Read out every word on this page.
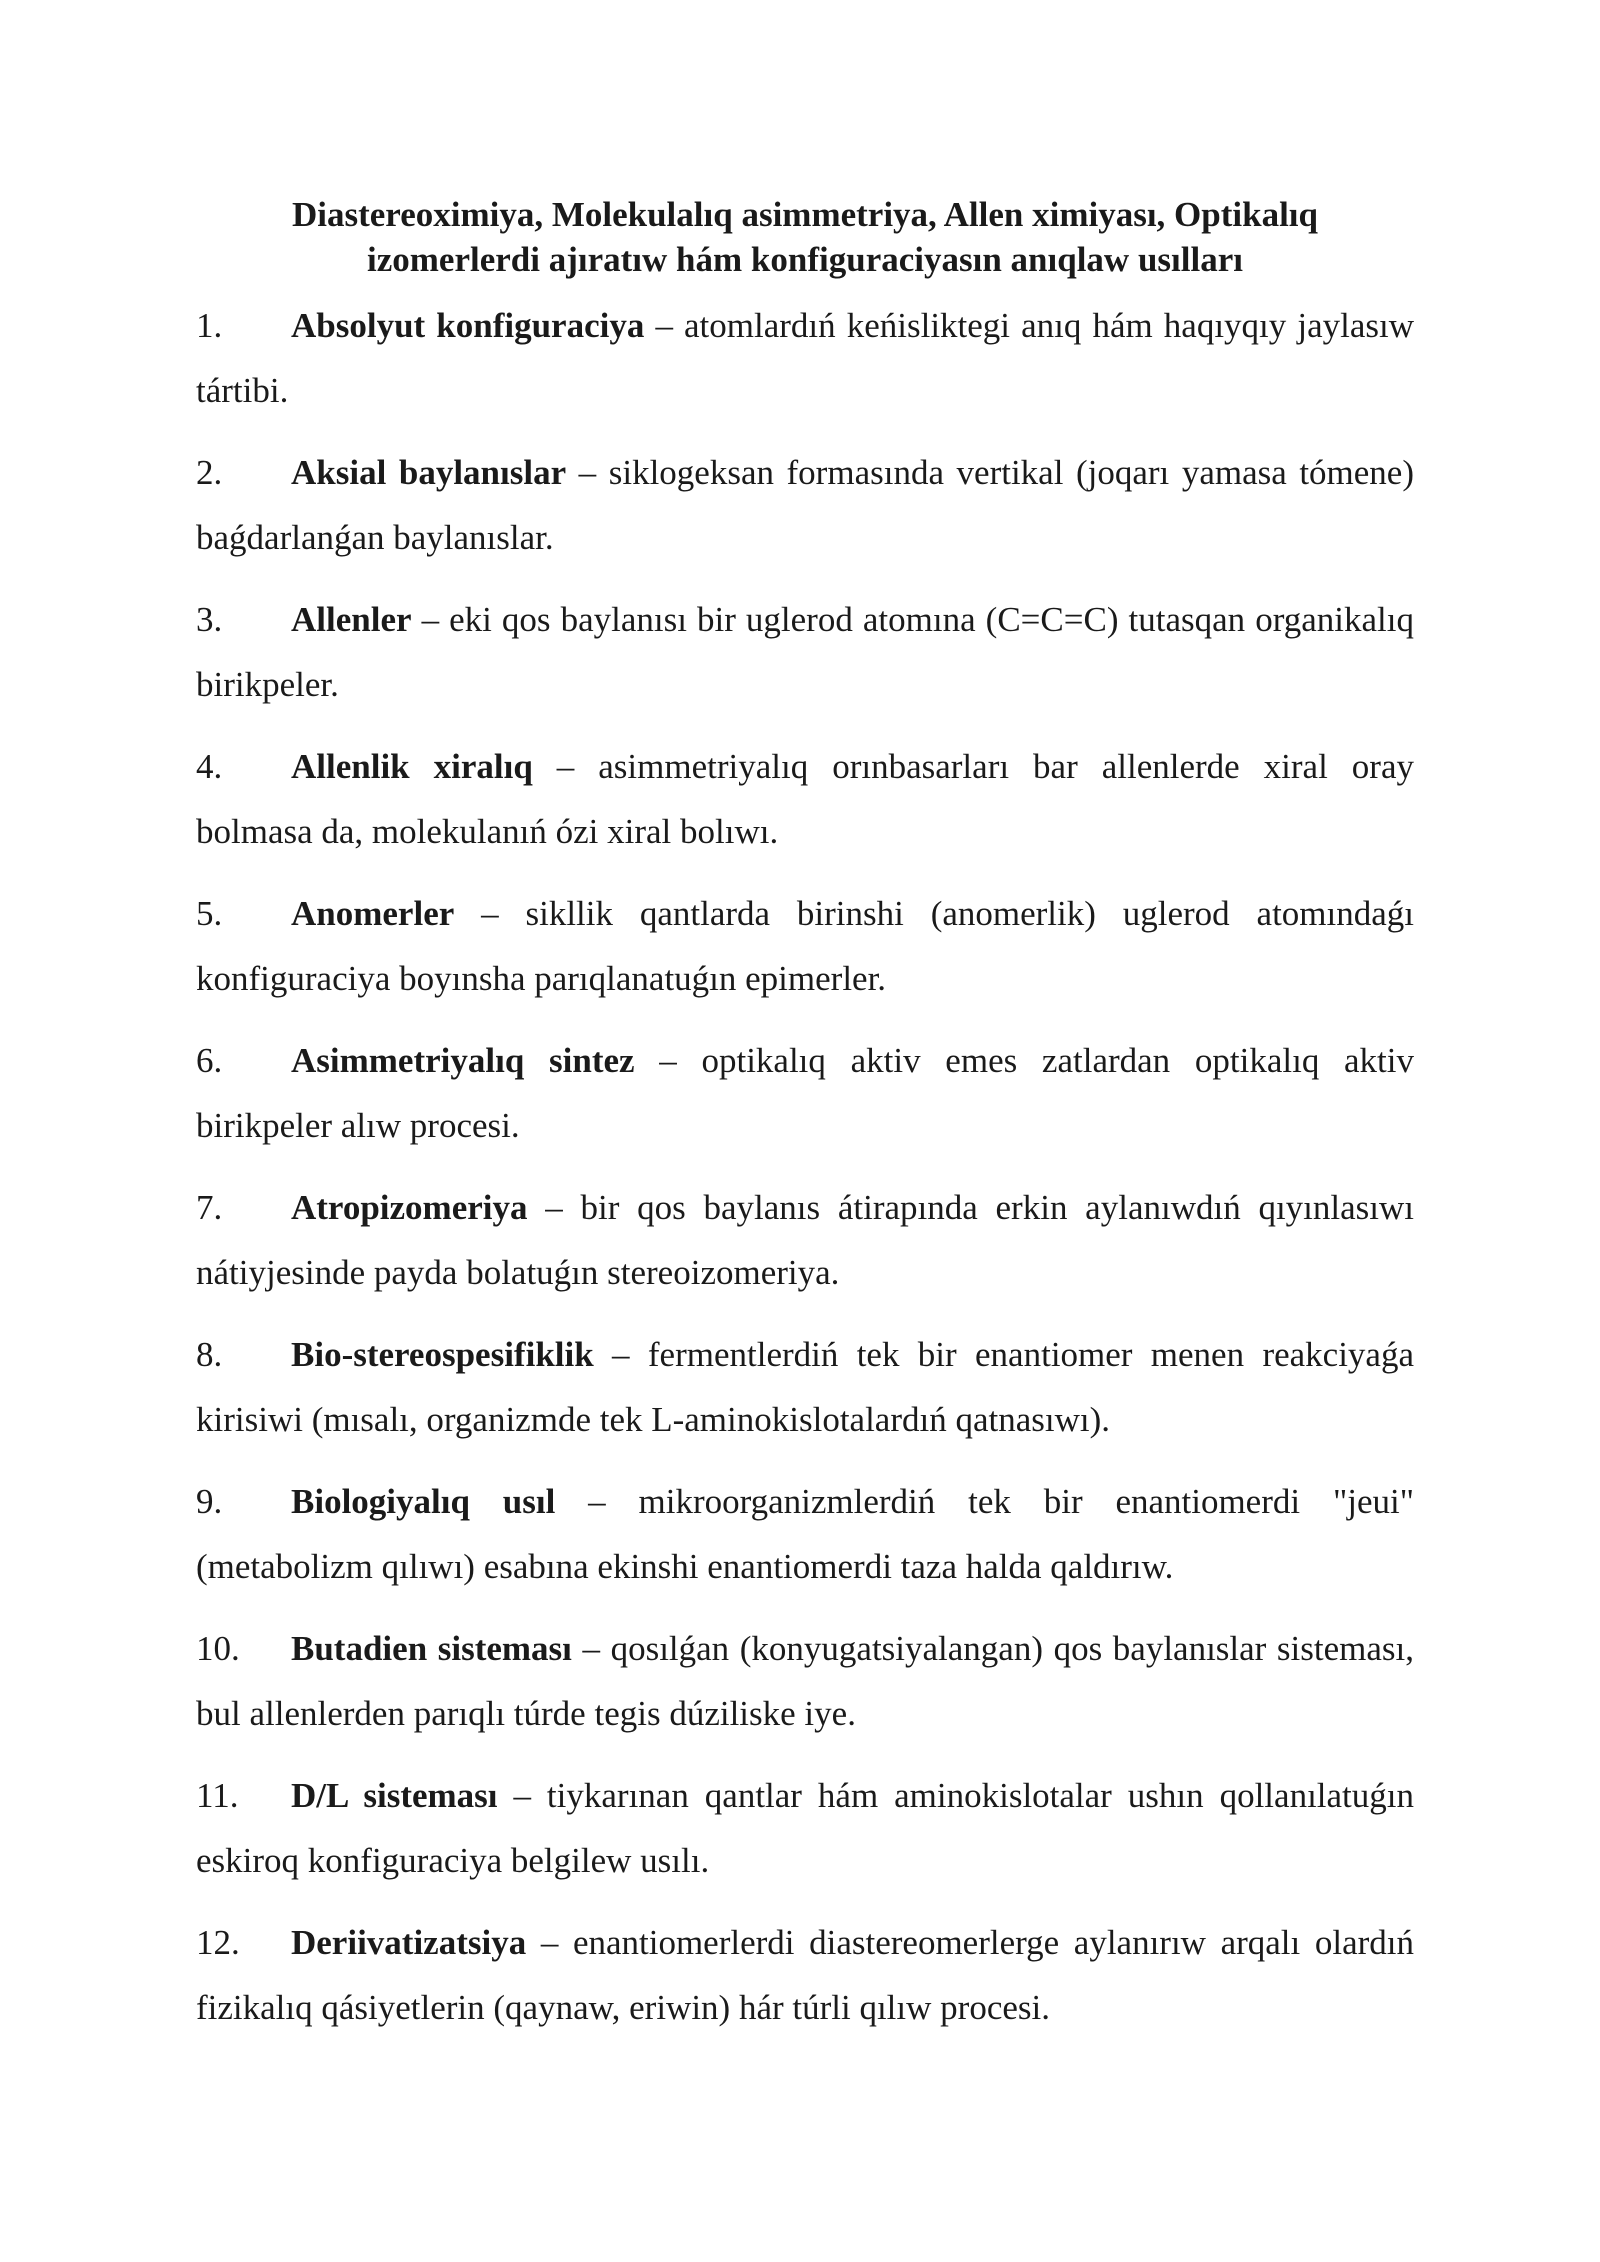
Diastereoximiya, Molekulalıq asimmetriya, Allen ximiyası, Optikalıq
izomerlerdi ajıratıw hám konfiguraciyasın anıqlaw usılları
1. Absolyut konfiguraciya – atomlardıń keńisliktegi anıq hám haqıyqıy jaylasıw tártibi.
2. Aksial baylanıslar – siklogeksan formasında vertikal (joqarı yamasa tómene) baǵdarlanǵan baylanıslar.
3. Allenler – eki qos baylanısı bir uglerod atomına (C=C=C) tutasqan organikalıq birikpeler.
4. Allenlik xiralıq – asimmetriyalıq orınbasarları bar allenlerde xiral oray bolmasa da, molekulanıń ózi xiral bolıwı.
5. Anomerler – sikllik qantlarda birinshi (anomerlik) uglerod atomındaǵı konfiguraciya boyınsha parıqlanatuǵın epimerler.
6. Asimmetriyalıq sintez – optikalıq aktiv emes zatlardan optikalıq aktiv birikpeler alıw procesi.
7. Atropizomeriya – bir qos baylanıs átirapında erkin aylanıwdıń qıyınlasıwı nátiyjesinde payda bolatuǵın stereoizomeriya.
8. Bio-stereospesifiklik – fermentlerdiń tek bir enantiomer menen reakciyaǵa kirisiwi (mısalı, organizmde tek L-aminokislotalardıń qatnasıwı).
9. Biologiyalıq usıl – mikroorganizmlerdiń tek bir enantiomerdi "jeui" (metabolizm qılıwı) esabına ekinshi enantiomerdi taza halda qaldırıw.
10. Butadien sisteması – qosılǵan (konyugatsiyalangan) qos baylanıslar sisteması, bul allenlerden parıqlı túrde tegis dúziliske iye.
11. D/L sisteması – tiykarınan qantlar hám aminokislotalar ushın qollanılatuǵın eskiroq konfiguraciya belgilew usılı.
12. Deriivatizatsiya – enantiomerlerdi diastereomerlerge aylanırıw arqalı olardıń fizikalıq qásiyetlerin (qaynaw, eriwin) hár túrli qılıw procesi.
